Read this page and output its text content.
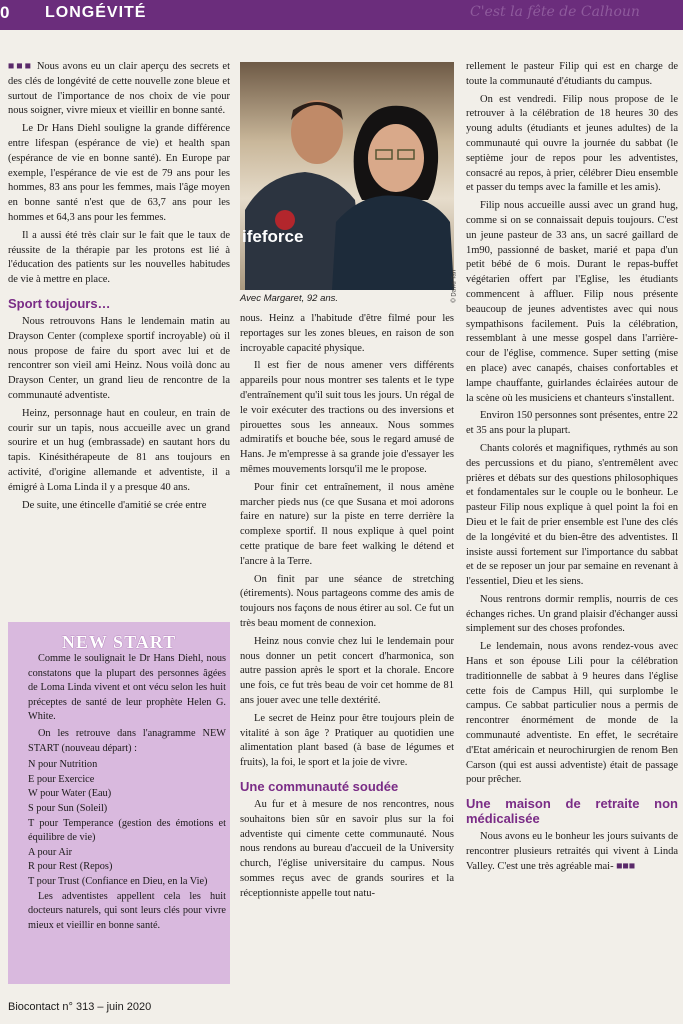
0 LONGÉVITÉ	C'est la fête de Calhoun

■■■ Nous avons eu un clair aperçu des secrets et des clés de longévité de cette nouvelle zone bleue et surtout de l'importance de nos choix de vie pour nous soigner, vivre mieux et vieillir en bonne santé.

Le Dr Hans Diehl souligne la grande différence entre lifespan (espérance de vie) et health span (espérance de vie en bonne santé). En Europe par exemple, l'espérance de vie est de 79 ans pour les hommes, 83 ans pour les femmes, mais l'âge moyen en bonne santé n'est que de 63,7 ans pour les hommes et 64,3 ans pour les femmes.

Il a aussi été très clair sur le fait que le taux de réussite de la thérapie par les protons est lié à l'éducation des patients sur les nouvelles habitudes de vie à mettre en place.

Sport toujours…

Nous retrouvons Hans le lendemain matin au Drayson Center (complexe sportif incroyable) où il nous propose de faire du sport avec lui et de rencontrer son vieil ami Heinz. Nous voilà donc au Drayson Center, un grand lieu de rencontre de la communauté adventiste.

Heinz, personnage haut en couleur, en train de courir sur un tapis, nous accueille avec un grand sourire et un hug (embrassade) en sautant hors du tapis. Kinésithérapeute de 81 ans toujours en activité, d'origine allemande et adventiste, il a émigré à Loma Linda il y a presque 40 ans.

De suite, une étincelle d'amitié se crée entre

NEW START

Comme le soulignait le Dr Hans Diehl, nous constatons que la plupart des personnes âgées de Loma Linda vivent et ont vécu selon les huit préceptes de santé de leur prophète Helen G. White.

On les retrouve dans l'anagramme NEW START (nouveau départ) :

N pour Nutrition
E pour Exercice
W pour Water (Eau)
S pour Sun (Soleil)
T pour Temperance (gestion des émotions et équilibre de vie)
A pour Air
R pour Rest (Repos)
T pour Trust (Confiance en Dieu, en la Vie)

Les adventistes appellent cela les huit docteurs naturels, qui sont leurs clés pour vivre mieux et vieillir en bonne santé.

ifeforce
© David Tan
Avec Margaret, 92 ans.

nous. Heinz a l'habitude d'être filmé pour les reportages sur les zones bleues, en raison de son incroyable capacité physique.

Il est fier de nous amener vers différents appareils pour nous montrer ses talents et le type d'entraînement qu'il suit tous les jours. Un régal de le voir exécuter des tractions ou des inversions et pirouettes sous les anneaux. Nous sommes admiratifs et bouche bée, sous le regard amusé de Hans. Je m'empresse à sa grande joie d'essayer les mêmes mouvements lorsqu'il me le propose.

Pour finir cet entraînement, il nous amène marcher pieds nus (ce que Susana et moi adorons faire en nature) sur la piste en terre derrière la complexe sportif. Il nous explique à quel point cette pratique de bare feet walking le détend et l'ancre à la Terre.

On finit par une séance de stretching (étirements). Nous partageons comme des amis de toujours nos façons de nous étirer au sol. Ce fut un très beau moment de connexion.

Heinz nous convie chez lui le lendemain pour nous donner un petit concert d'harmonica, son autre passion après le sport et la chorale. Encore une fois, ce fut très beau de voir cet homme de 81 ans jouer avec une telle dextérité.

Le secret de Heinz pour être toujours plein de vitalité à son âge ? Pratiquer au quotidien une alimentation plant based (à base de légumes et fruits), la foi, le sport et la joie de vivre.

Une communauté soudée

Au fur et à mesure de nos rencontres, nous souhaitons bien sûr en savoir plus sur la foi adventiste qui cimente cette communauté. Nous nous rendons au bureau d'accueil de la University church, l'église universitaire du campus. Nous sommes reçus avec de grands sourires et la réceptionniste appelle tout natu-

rellement le pasteur Filip qui est en charge de toute la communauté d'étudiants du campus.

On est vendredi. Filip nous propose de le retrouver à la célébration de 18 heures 30 des young adults (étudiants et jeunes adultes) de la communauté qui ouvre la journée du sabbat (le septième jour de repos pour les adventistes, consacré au repos, à prier, célébrer Dieu ensemble et passer du temps avec la famille et les amis).

Filip nous accueille aussi avec un grand hug, comme si on se connaissait depuis toujours. C'est un jeune pasteur de 33 ans, un sacré gaillard de 1m90, passionné de basket, marié et papa d'un petit bébé de 6 mois. Durant le repas-buffet végétarien offert par l'Eglise, les étudiants commencent à affluer. Filip nous présente beaucoup de jeunes adventistes avec qui nous sympathisons facilement. Puis la célébration, ressemblant à une messe gospel dans l'arrière-cour de l'église, commence. Super setting (mise en place) avec canapés, chaises confortables et lampe chauffante, guirlandes éclairées autour de la scène où les musiciens et chanteurs s'installent.

Environ 150 personnes sont présentes, entre 22 et 35 ans pour la plupart.

Chants colorés et magnifiques, rythmés au son des percussions et du piano, s'entremêlent avec prières et débats sur des questions philosophiques et fondamentales sur le couple ou le bonheur. Le pasteur Filip nous explique à quel point la foi en Dieu et le fait de prier ensemble est l'une des clés de la longévité et du bien-être des adventistes. Il insiste aussi fortement sur l'importance du sabbat et de se reposer un jour par semaine en revenant à l'essentiel, Dieu et les siens.

Nous rentrons dormir remplis, nourris de ces échanges riches. Un grand plaisir d'échanger aussi simplement sur des choses profondes.

Le lendemain, nous avons rendez-vous avec Hans et son épouse Lili pour la célébration traditionnelle de sabbat à 9 heures dans l'église cette fois de Campus Hill, qui surplombe le campus. Ce sabbat particulier nous a permis de rencontrer énormément de monde de la communauté adventiste. En effet, le secrétaire d'Etat américain et neurochirurgien de renom Ben Carson (qui est aussi adventiste) était de passage pour prêcher.

Une maison de retraite non médicalisée

Nous avons eu le bonheur les jours suivants de rencontrer plusieurs retraités qui vivent à Linda Valley. C'est une très agréable mai- ■■■

Biocontact n° 313 – juin 2020
